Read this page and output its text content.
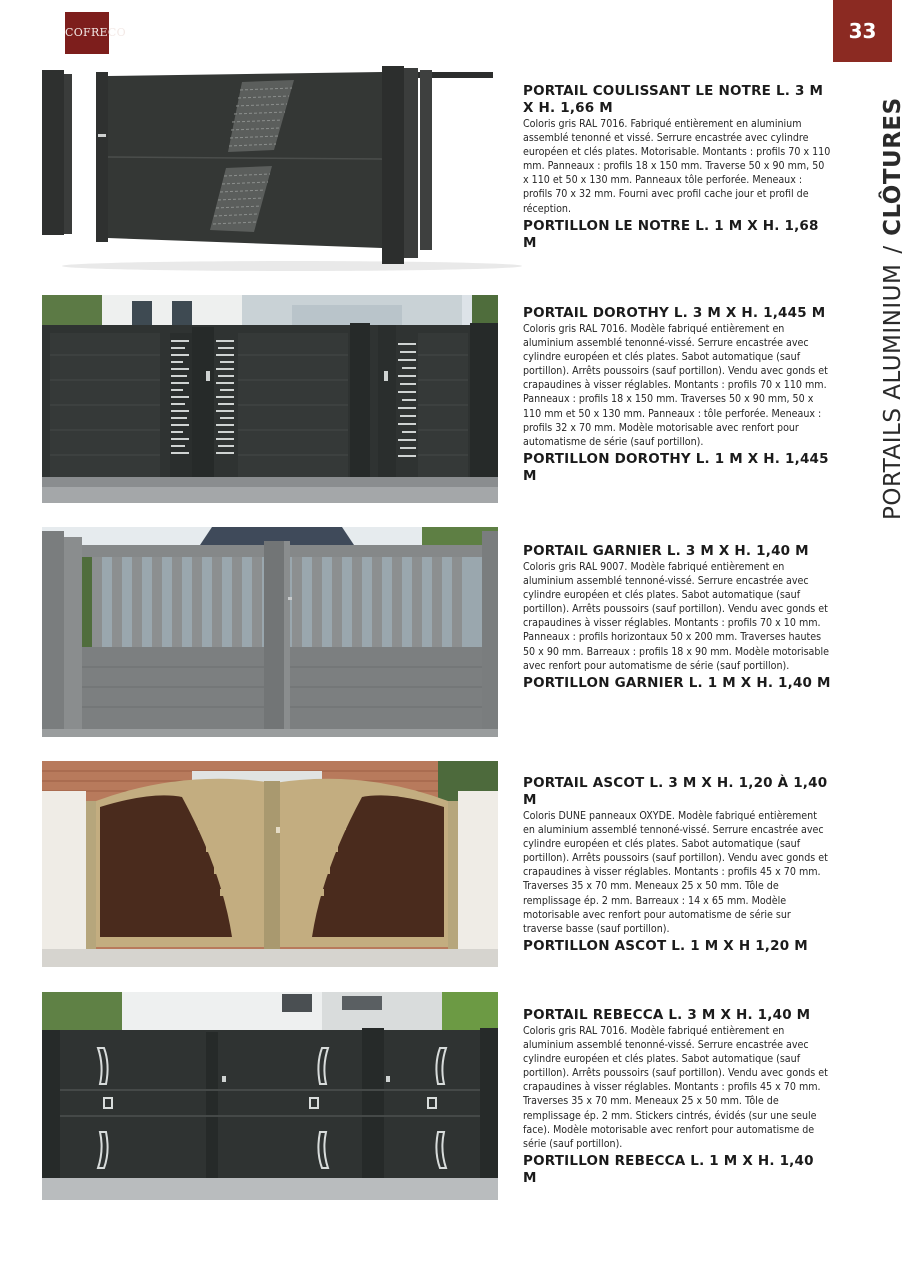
COFRECO	33
PORTAILS ALUMINIUM/CLÔTURES

PORTAIL COULISSANT LE NOTRE L. 3 M X H. 1,66 M

Coloris gris RAL 7016. Fabriqué entièrement en aluminium assemblé tenonné et vissé. Serrure encastrée avec cylindre européen et clés plates. Motorisable. Montants : profils 70 x 110 mm. Panneaux : profils 18 x 150 mm. Traverse 50 x 90 mm, 50 x 110 et 50 x 130 mm. Panneaux tôle perforée. Meneaux : profils 70 x 32 mm. Fourni avec profil cache jour et profil de réception.

PORTILLON LE NOTRE L. 1 M X H. 1,68 M

PORTAIL DOROTHY L. 3 M X H. 1,445 M

Coloris gris RAL 7016. Modèle fabriqué entièrement en aluminium assemblé tenonné-vissé. Serrure encastrée avec cylindre européen et clés plates. Sabot automatique (sauf portillon). Arrêts poussoirs (sauf portillon). Vendu avec gonds et crapaudines à visser réglables. Montants : profils 70 x 110 mm. Panneaux : profils 18 x 150 mm. Traverses 50 x 90 mm, 50 x 110 mm et 50 x 130 mm. Panneaux : tôle perforée. Meneaux : profils 32 x 70 mm. Modèle motorisable avec renfort pour automatisme de série (sauf portillon).

PORTILLON DOROTHY L. 1 M X H. 1,445 M

PORTAIL GARNIER L. 3 M X H. 1,40 M

Coloris gris RAL 9007. Modèle fabriqué entièrement en aluminium assemblé tennoné-vissé. Serrure encastrée avec cylindre européen et clés plates. Sabot automatique (sauf portillon). Arrêts poussoirs (sauf portillon). Vendu avec gonds et crapaudines à visser réglables. Montants : profils 70 x 10 mm. Panneaux : profils horizontaux 50 x 200 mm. Traverses hautes 50 x 90 mm. Barreaux : profils 18 x 90 mm. Modèle motorisable avec renfort pour automatisme de série (sauf portillon).

PORTILLON GARNIER L. 1 M X H. 1,40 M

PORTAIL ASCOT L. 3 M X H. 1,20 À 1,40 M

Coloris DUNE panneaux OXYDE. Modèle fabriqué entièrement en aluminium assemblé tennoné-vissé. Serrure encastrée avec cylindre européen et clés plates. Sabot automatique (sauf portillon). Arrêts poussoirs (sauf portillon). Vendu avec gonds et crapaudines à visser réglables. Montants : profils 45 x 70 mm. Traverses 35 x 70 mm. Meneaux 25 x 50 mm. Tôle de remplissage ép. 2 mm. Barreaux : 14 x 65 mm. Modèle motorisable avec renfort pour automatisme de série sur traverse basse (sauf portillon).

PORTILLON ASCOT L. 1 M X H 1,20 M

PORTAIL REBECCA L. 3 M X H. 1,40 M

Coloris gris RAL 7016. Modèle fabriqué entièrement en aluminium assemblé tenonné-vissé. Serrure encastrée avec cylindre européen et clés plates. Sabot automatique (sauf portillon). Arrêts poussoirs (sauf portillon). Vendu avec gonds et crapaudines à visser réglables. Montants : profils 45 x 70 mm. Traverses 35 x 70 mm. Meneaux 25 x 50 mm. Tôle de remplissage ép. 2 mm. Stickers cintrés, évidés (sur une seule face). Modèle motorisable avec renfort pour automatisme de série (sauf portillon).

PORTILLON REBECCA L. 1 M X H. 1,40 M
